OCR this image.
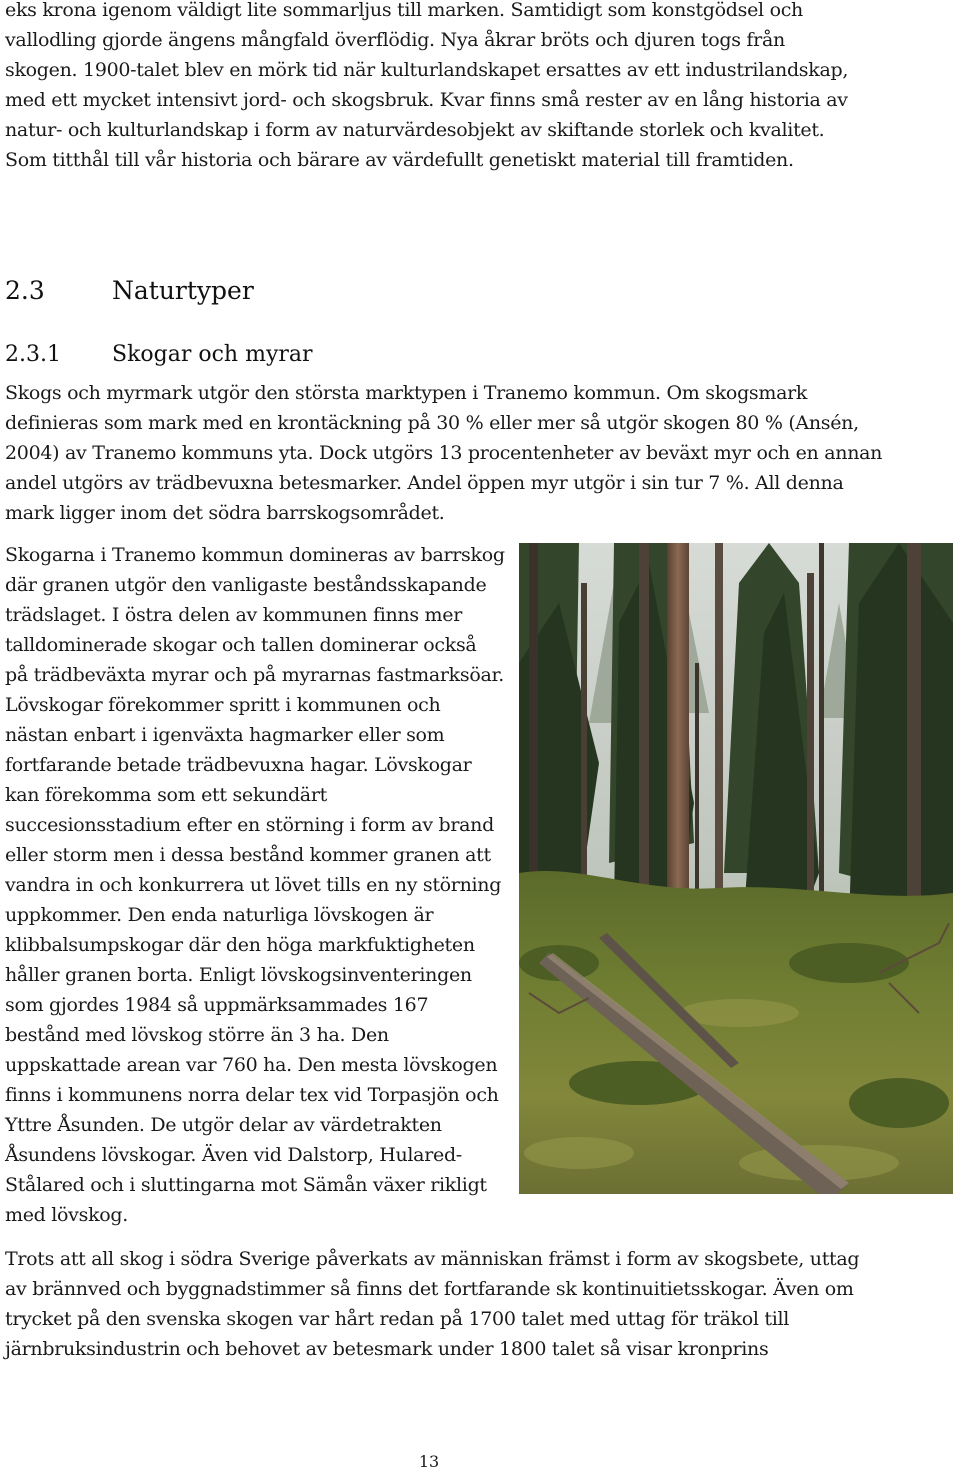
eks krona igenom väldigt lite sommarljus till marken. Samtidigt som konstgödsel och vallodling gjorde ängens mångfald överflödig. Nya åkrar bröts och djuren togs från skogen. 1900-talet blev en mörk tid när kulturlandskapet ersattes av ett industrilandskap, med ett mycket intensivt jord- och skogsbruk. Kvar finns små rester av en lång historia av natur- och kulturlandskap i form av naturvärdesobjekt av skiftande storlek och kvalitet. Som titthål till vår historia och bärare av värdefullt genetiskt material till framtiden.

2.3	Naturtyper
2.3.1 Skogar och myrar

Skogs och myrmark utgör den största marktypen i Tranemo kommun. Om skogsmark definieras som mark med en krontäckning på 30 % eller mer så utgör skogen 80 % (Ansén, 2004) av Tranemo kommuns yta. Dock utgörs 13 procentenheter av beväxt myr och en annan andel utgörs av trädbevuxna betesmarker. Andel öppen myr utgör i sin tur 7 %. All denna mark ligger inom det södra barrskogsområdet.

Skogarna i Tranemo kommun domineras av barrskog där granen utgör den vanligaste beståndsskapande trädslaget. I östra delen av kommunen finns mer talldominerade skogar och tallen dominerar också på trädbeväxta myrar och på myrarnas fastmarksöar. Lövskogar förekommer spritt i kommunen och nästan enbart i igenväxta hagmarker eller som fortfarande betade trädbevuxna hagar. Lövskogar kan förekomma som ett sekundärt succesionsstadium efter en störning i form av brand eller storm men i dessa bestånd kommer granen att vandra in och konkurrera ut lövet tills en ny störning uppkommer. Den enda naturliga lövskogen är klibbalsumpskogar där den höga markfuktigheten håller granen borta. Enligt lövskogsinventeringen som gjordes 1984 så uppmärksammades 167 bestånd med lövskog större än 3 ha. Den uppskattade arean var 760 ha. Den mesta lövskogen finns i kommunens norra delar tex vid Torpasjön och Yttre Åsunden. De utgör delar av värdetrakten Åsundens lövskogar. Även vid Dalstorp, Hulared-Stålared och i sluttingarna mot Sämån växer rikligt med lövskog.

Trots att all skog i södra Sverige påverkats av människan främst i form av skogsbete, uttag av brännved och byggnadstimmer så finns det fortfarande sk kontinuitietsskogar. Även om trycket på den svenska skogen var hårt redan på 1700 talet med uttag för träkol till järnbruksindustrin och behovet av betesmark under 1800 talet så visar kronprins

13
